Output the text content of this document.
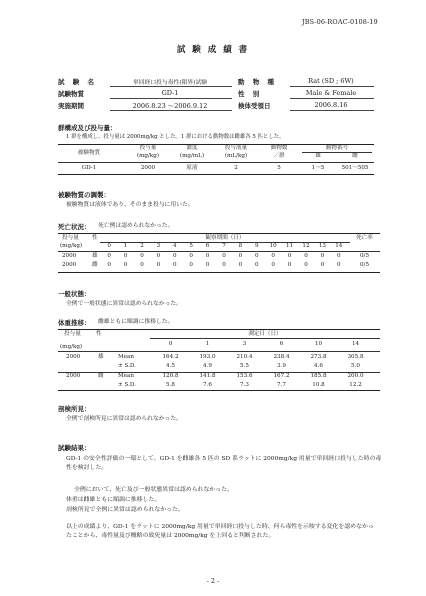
JBS-06-ROAC-0108-19
試 験 成 績 書
試 験 名	単回経口投与毒性(限界)試験	動 物 種	Rat (SD ; 6W)
試験物質	GD-1	性 別	Male & Female
実施期間	2006.8.23 ～2006.9.12	検体受領日	2006.8.16
群構成及び投与量：
1 群を構成し、投与量は 2000mg/kg とした。1 群における動物数は雌雄各 5 匹とした。
被験物質
投与量	濃度	投与液量	動物数	動物番号
(mg/kg)	(mg/mL)	(mL/kg)	／群	雄	雌
GD-1	2000	原液	2	5	1～5	501～505
被験物質の調製：
被験物質は液体であり、そのまま投与に用いた。
死亡状況： 死亡例は認められなかった。
投与量 性	観察期間（日）	死亡率
(mg/kg)	0	1	2	3	4	5	6	7	8	9	10	11	12	13	14
2000	雄	0	0	0	0	0	0	0	0	0	0	0	0	0	0	0	0/5
2000	雌	0	0	0	0	0	0	0	0	0	0	0	0	0	0	0	0/5
一般状態：
全例で一般状態に異常は認められなかった。
体重推移： 雌雄ともに順調に推移した。
投与量	性	測定日（日）
(mg/kg)	0	1	3	6	10	14
2000	雄	Mean	164.2	193.0	210.4	238.4	273.8	305.8
± S.D.	4.5	4.9	5.5	3.9	4.6	5.0
2000	雌	Mean	120.8	141.8	153.6	167.2	185.8	200.0
± S.D.	5.8	7.6	7.3	7.7	10.8	12.2
剖検所見：
全例で剖検所見に異常は認められなかった。
試験結果：
GD-1 の安全性評価の一環として、GD-1 を雌雄各 5 匹の SD 系ラットに 2000mg/kg 用量で単回経口投与した時の毒性を検討した。
全例において、死亡及び一般状態異常は認められなかった。
体重は雌雄ともに順調に推移した。
剖検所見で全例に異常は認められなかった。
以上の成績より、GD-1 をラットに 2000mg/kg 用量で単回経口投与した時、何ら毒性を示唆する変化を認めなかったことから、毒性量及び概略の致死量は 2000mg/kg を上回ると判断された。
- 2 -
